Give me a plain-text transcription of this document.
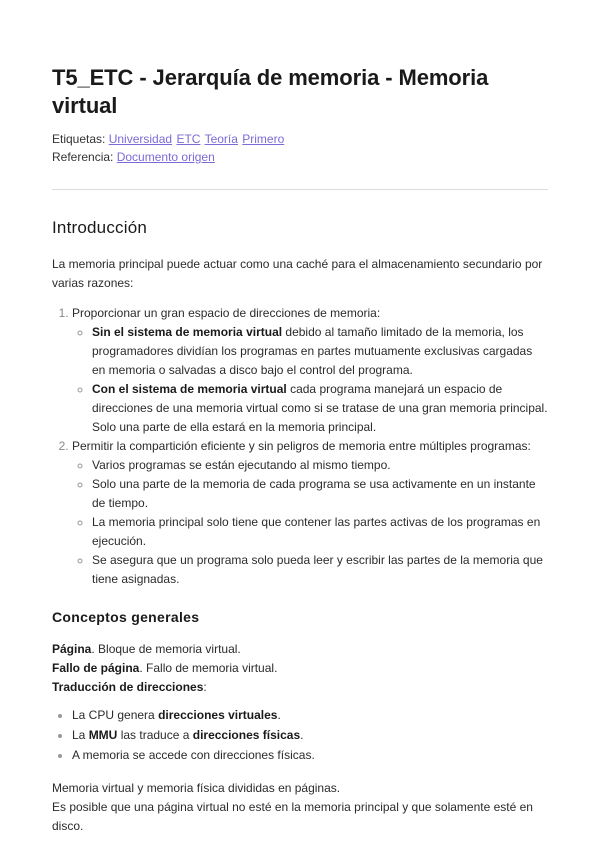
T5_ETC - Jerarquía de memoria - Memoria virtual
Etiquetas: Universidad ETC Teoría Primero
Referencia: Documento origen
Introducción

La memoria principal puede actuar como una caché para el almacenamiento secundario por varias razones:

1. Proporcionar un gran espacio de direcciones de memoria:
◦ Sin el sistema de memoria virtual debido al tamaño limitado de la memoria, los programadores dividían los programas en partes mutuamente exclusivas cargadas en memoria o salvadas a disco bajo el control del programa.
◦ Con el sistema de memoria virtual cada programa manejará un espacio de direcciones de una memoria virtual como si se tratase de una gran memoria principal. Solo una parte de ella estará en la memoria principal.
2. Permitir la compartición eficiente y sin peligros de memoria entre múltiples programas:
◦ Varios programas se están ejecutando al mismo tiempo.
◦ Solo una parte de la memoria de cada programa se usa activamente en un instante de tiempo.
◦ La memoria principal solo tiene que contener las partes activas de los programas en ejecución.
◦ Se asegura que un programa solo pueda leer y escribir las partes de la memoria que tiene asignadas.
Conceptos generales
Página. Bloque de memoria virtual.
Fallo de página. Fallo de memoria virtual.
Traducción de direcciones:
• La CPU genera direcciones virtuales.
• La MMU las traduce a direcciones físicas.
• A memoria se accede con direcciones físicas.

Memoria virtual y memoria física divididas en páginas.

Es posible que una página virtual no esté en la memoria principal y que solamente esté en disco.
